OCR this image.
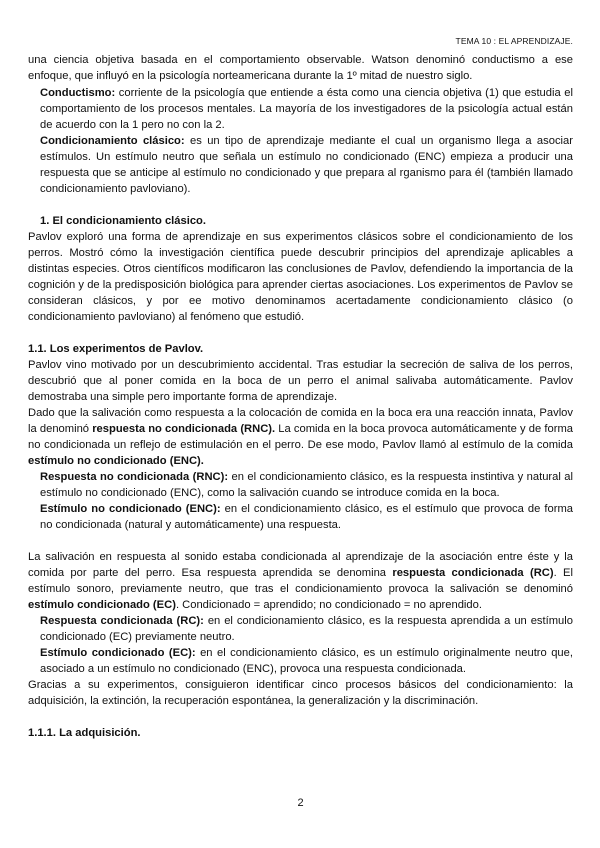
TEMA 10 : EL APRENDIZAJE.

una ciencia objetiva basada en el comportamiento observable. Watson denominó conductismo a ese enfoque, que influyó en la psicología norteamericana durante la 1º mitad de nuestro siglo.

Conductismo: corriente de la psicología que entiende a ésta como una ciencia objetiva (1) que estudia el comportamiento de los procesos mentales. La mayoría de los investigadores de la psicología actual están de acuerdo con la 1 pero no con la 2.

Condicionamiento clásico: es un tipo de aprendizaje mediante el cual un organismo llega a asociar estímulos. Un estímulo neutro que señala un estímulo no condicionado (ENC) empieza a producir una respuesta que se anticipe al estímulo no condicionado y que prepara al rganismo para él (también llamado condicionamiento pavloviano).

1. El condicionamiento clásico.

Pavlov exploró una forma de aprendizaje en sus experimentos clásicos sobre el condicionamiento de los perros. Mostró cómo la investigación científica puede descubrir principios del aprendizaje aplicables a distintas especies. Otros científicos modificaron las conclusiones de Pavlov, defendiendo la importancia de la cognición y de la predisposición biológica para aprender ciertas asociaciones. Los experimentos de Pavlov se consideran clásicos, y por ee motivo denominamos acertadamente condicionamiento clásico (o condicionamiento pavloviano) al fenómeno que estudió.

1.1. Los experimentos de Pavlov.

Pavlov vino motivado por un descubrimiento accidental. Tras estudiar la secreción de saliva de los perros, descubrió que al poner comida en la boca de un perro el animal salivaba automáticamente. Pavlov demostraba una simple pero importante forma de aprendizaje.

Dado que la salivación como respuesta a la colocación de comida en la boca era una reacción innata, Pavlov la denominó respuesta no condicionada (RNC). La comida en la boca provoca automáticamente y de forma no condicionada un reflejo de estimulación en el perro. De ese modo, Pavlov llamó al estímulo de la comida estímulo no condicionado (ENC).

Respuesta no condicionada (RNC): en el condicionamiento clásico, es la respuesta instintiva y natural al estímulo no condicionado (ENC), como la salivación cuando se introduce comida en la boca.

Estímulo no condicionado (ENC): en el condicionamiento clásico, es el estímulo que provoca de forma no condicionada (natural y automáticamente) una respuesta.

La salivación en respuesta al sonido estaba condicionada al aprendizaje de la asociación entre éste y la comida por parte del perro. Esa respuesta aprendida se denomina respuesta condicionada (RC). El estímulo sonoro, previamente neutro, que tras el condicionamiento provoca la salivación se denominó estímulo condicionado (EC). Condicionado = aprendido; no condicionado = no aprendido.

Respuesta condicionada (RC): en el condicionamiento clásico, es la respuesta aprendida a un estímulo condicionado (EC) previamente neutro.

Estímulo condicionado (EC): en el condicionamiento clásico, es un estímulo originalmente neutro que, asociado a un estímulo no condicionado (ENC), provoca una respuesta condicionada.

Gracias a su experimentos, consiguieron identificar cinco procesos básicos del condicionamiento: la adquisición, la extinción, la recuperación espontánea, la generalización y la discriminación.

1.1.1. La adquisición.

2
